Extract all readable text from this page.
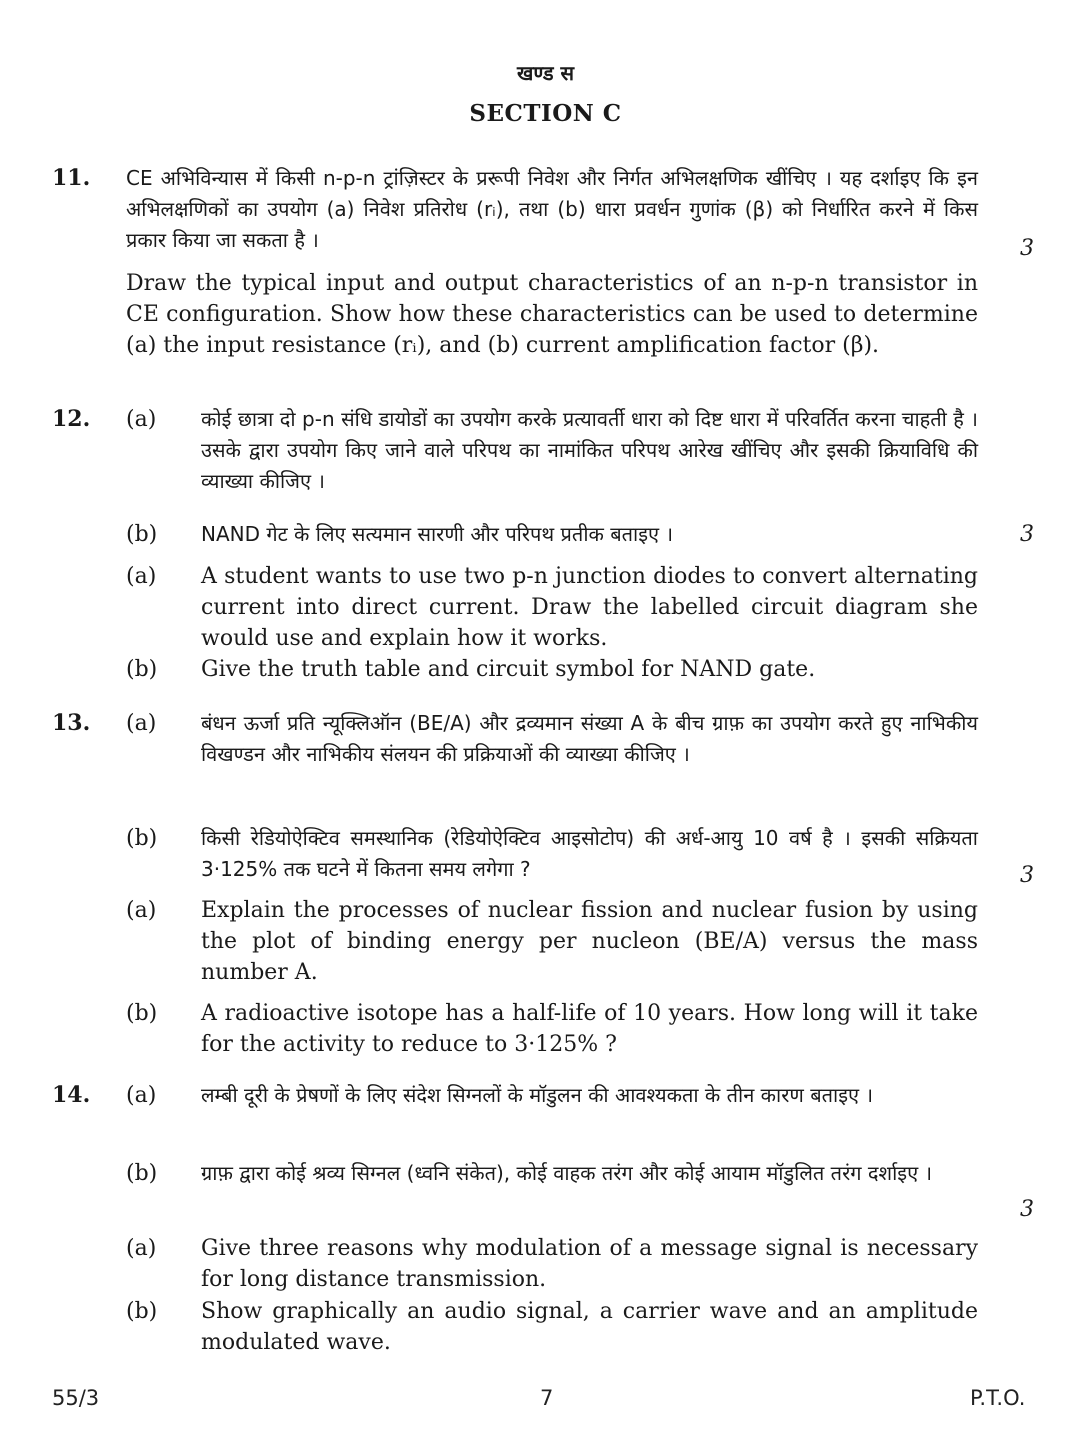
खण्ड स
SECTION C
11. CE अभिविन्यास में किसी n-p-n ट्रांज़िस्टर के प्ररूपी निवेश और निर्गत अभिलक्षणिक खींचिए । यह दर्शाइए कि इन अभिलक्षणिकों का उपयोग (a) निवेश प्रतिरोध (rᵢ), तथा (b) धारा प्रवर्धन गुणांक (β) को निर्धारित करने में किस प्रकार किया जा सकता है ।	3
Draw the typical input and output characteristics of an n-p-n transistor in CE configuration. Show how these characteristics can be used to determine (a) the input resistance (rᵢ), and (b) current amplification factor (β).
12. (a) कोई छात्रा दो p-n संधि डायोडों का उपयोग करके प्रत्यावर्ती धारा को दिष्ट धारा में परिवर्तित करना चाहती है । उसके द्वारा उपयोग किए जाने वाले परिपथ का नामांकित परिपथ आरेख खींचिए और इसकी क्रियाविधि की व्याख्या कीजिए ।
(b) NAND गेट के लिए सत्यमान सारणी और परिपथ प्रतीक बताइए ।	3
(a) A student wants to use two p-n junction diodes to convert alternating current into direct current. Draw the labelled circuit diagram she would use and explain how it works.
(b) Give the truth table and circuit symbol for NAND gate.
13. (a) बंधन ऊर्जा प्रति न्यूक्लिऑन (BE/A) और द्रव्यमान संख्या A के बीच ग्राफ़ का उपयोग करते हुए नाभिकीय विखण्डन और नाभिकीय संलयन की प्रक्रियाओं की व्याख्या कीजिए ।
(b) किसी रेडियोऐक्टिव समस्थानिक (रेडियोऐक्टिव आइसोटोप) की अर्ध-आयु 10 वर्ष है । इसकी सक्रियता 3·125% तक घटने में कितना समय लगेगा ?	3
(a) Explain the processes of nuclear fission and nuclear fusion by using the plot of binding energy per nucleon (BE/A) versus the mass number A.
(b) A radioactive isotope has a half-life of 10 years. How long will it take for the activity to reduce to 3·125% ?
14. (a) लम्बी दूरी के प्रेषणों के लिए संदेश सिग्नलों के मॉडुलन की आवश्यकता के तीन कारण बताइए ।
(b) ग्राफ़ द्वारा कोई श्रव्य सिग्नल (ध्वनि संकेत), कोई वाहक तरंग और कोई आयाम मॉडुलित तरंग दर्शाइए ।
3
(a) Give three reasons why modulation of a message signal is necessary for long distance transmission.
(b) Show graphically an audio signal, a carrier wave and an amplitude modulated wave.
55/3	7	P.T.O.
